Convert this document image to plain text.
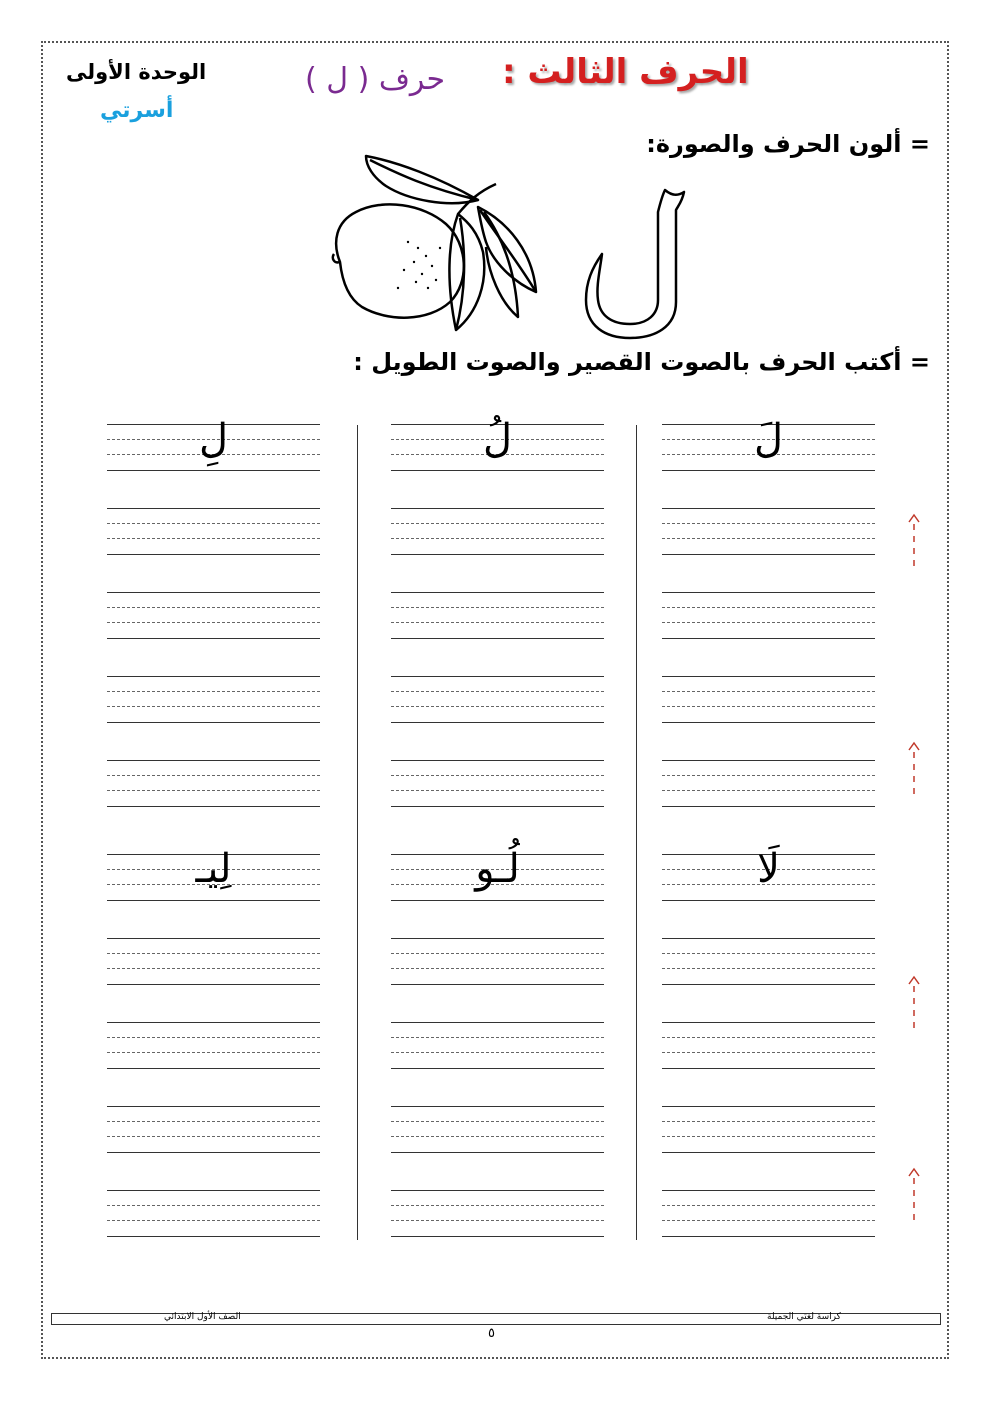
الحرف الثالث :
حرف ( ل )
الوحدة الأولى
أسرتي
= ألون الحرف والصورة:
= أكتب الحرف بالصوت القصير والصوت الطويل :
لَ
لَا
لُ
لُـو
لِ
لِيـ
الصف الأول الابتدائي	كراسة لغتي الجميلة
٥
